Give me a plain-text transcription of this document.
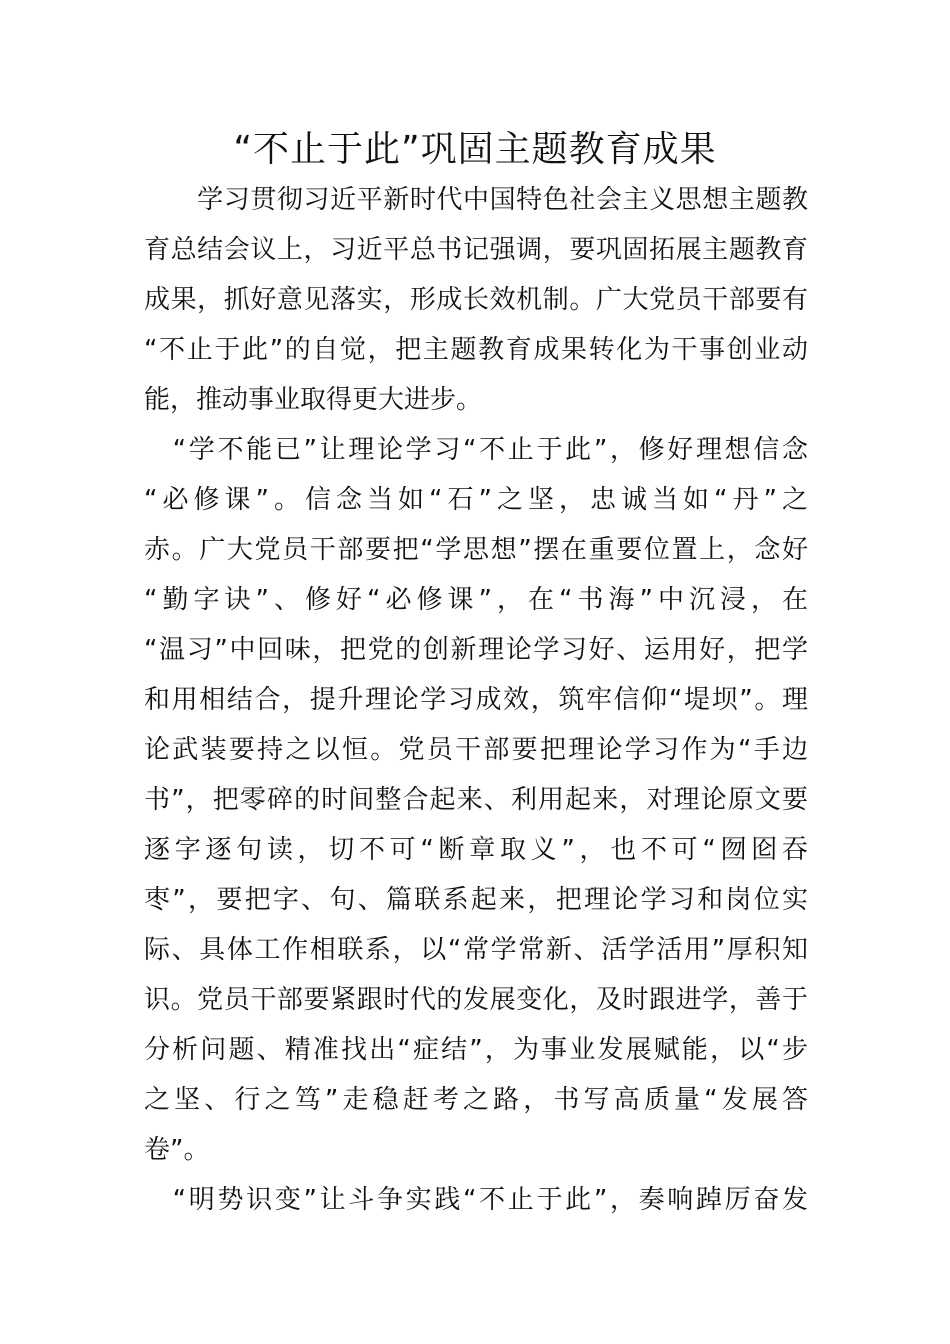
“不止于此”巩固主题教育成果

　　学习贯彻习近平新时代中国特色社会主义思想主题教

育总结会议上，习近平总书记强调，要巩固拓展主题教育

成果，抓好意见落实，形成长效机制。广大党员干部要有

“不止于此”的自觉，把主题教育成果转化为干事创业动

能，推动事业取得更大进步。

　“学不能已”让理论学习“不止于此”，修好理想信念

“必修课”。信念当如“石”之坚，忠诚当如“丹”之

赤。广大党员干部要把“学思想”摆在重要位置上，念好

“勤字诀”、修好“必修课”，在“书海”中沉浸，在

“温习”中回味，把党的创新理论学习好、运用好，把学

和用相结合，提升理论学习成效，筑牢信仰“堤坝”。理

论武装要持之以恒。党员干部要把理论学习作为“手边

书”，把零碎的时间整合起来、利用起来，对理论原文要

逐字逐句读，切不可“断章取义”，也不可“囫囵吞

枣”，要把字、句、篇联系起来，把理论学习和岗位实

际、具体工作相联系，以“常学常新、活学活用”厚积知

识。党员干部要紧跟时代的发展变化，及时跟进学，善于

分析问题、精准找出“症结”，为事业发展赋能，以“步

之坚、行之笃”走稳赶考之路，书写高质量“发展答

卷”。

　“明势识变”让斗争实践“不止于此”，奏响踔厉奋发
